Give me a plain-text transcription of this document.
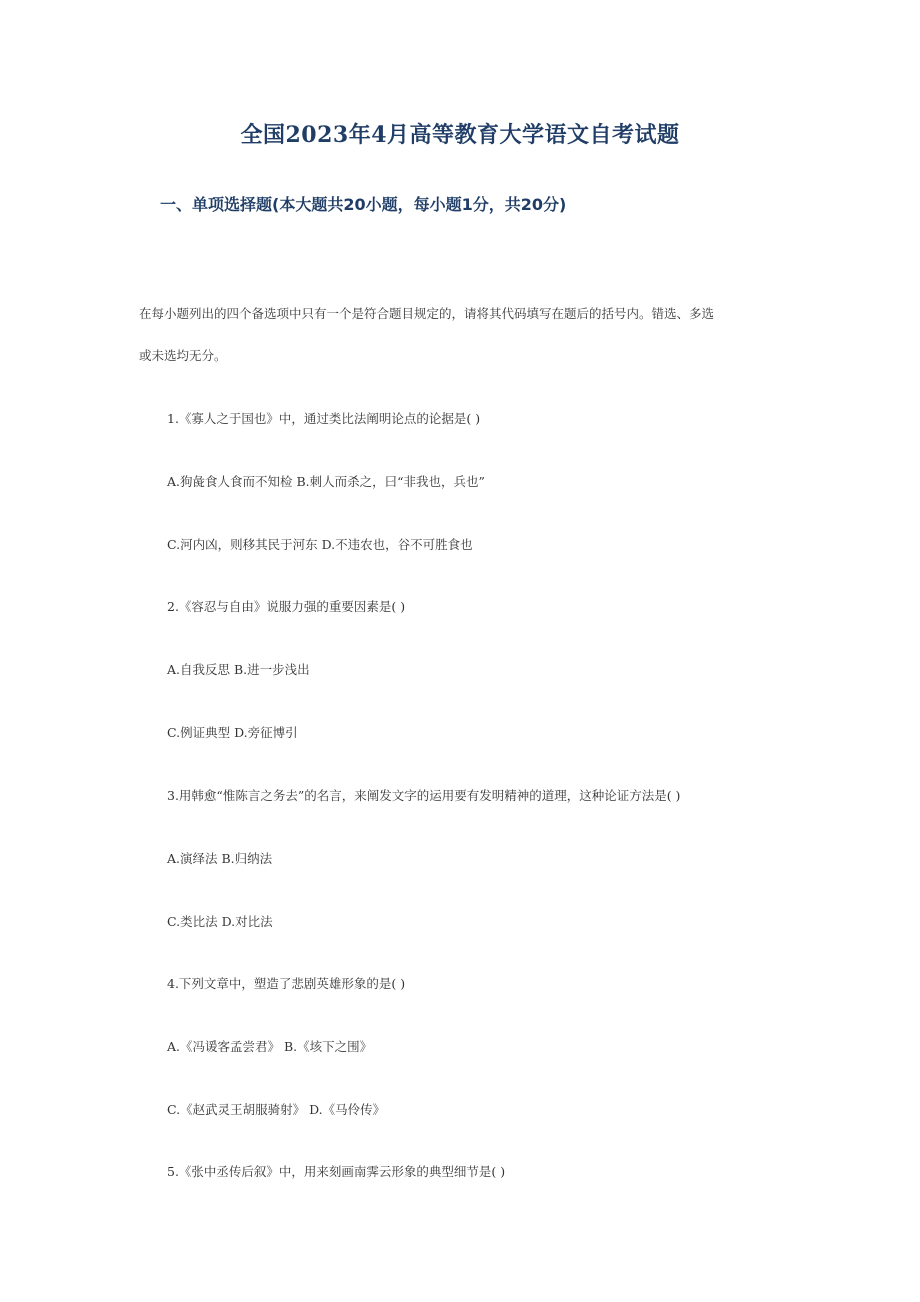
全国2023年4月高等教育大学语文自考试题
一、单项选择题(本大题共20小题，每小题1分，共20分)
在每小题列出的四个备选项中只有一个是符合题目规定的，请将其代码填写在题后的括号内。错选、多选
或未选均无分。
1.《寡人之于国也》中，通过类比法阐明论点的论据是( )
A.狗彘食人食而不知检 B.刺人而杀之，曰“非我也，兵也”
C.河内凶，则移其民于河东 D.不违农也，谷不可胜食也
2.《容忍与自由》说服力强的重要因素是( )
A.自我反思 B.进一步浅出
C.例证典型 D.旁征博引
3.用韩愈“惟陈言之务去”的名言，来阐发文字的运用要有发明精神的道理，这种论证方法是( )
A.演绎法 B.归纳法
C.类比法 D.对比法
4.下列文章中，塑造了悲剧英雄形象的是( )
A.《冯谖客孟尝君》 B.《垓下之围》
C.《赵武灵王胡服骑射》 D.《马伶传》
5.《张中丞传后叙》中，用来刻画南霁云形象的典型细节是( )
